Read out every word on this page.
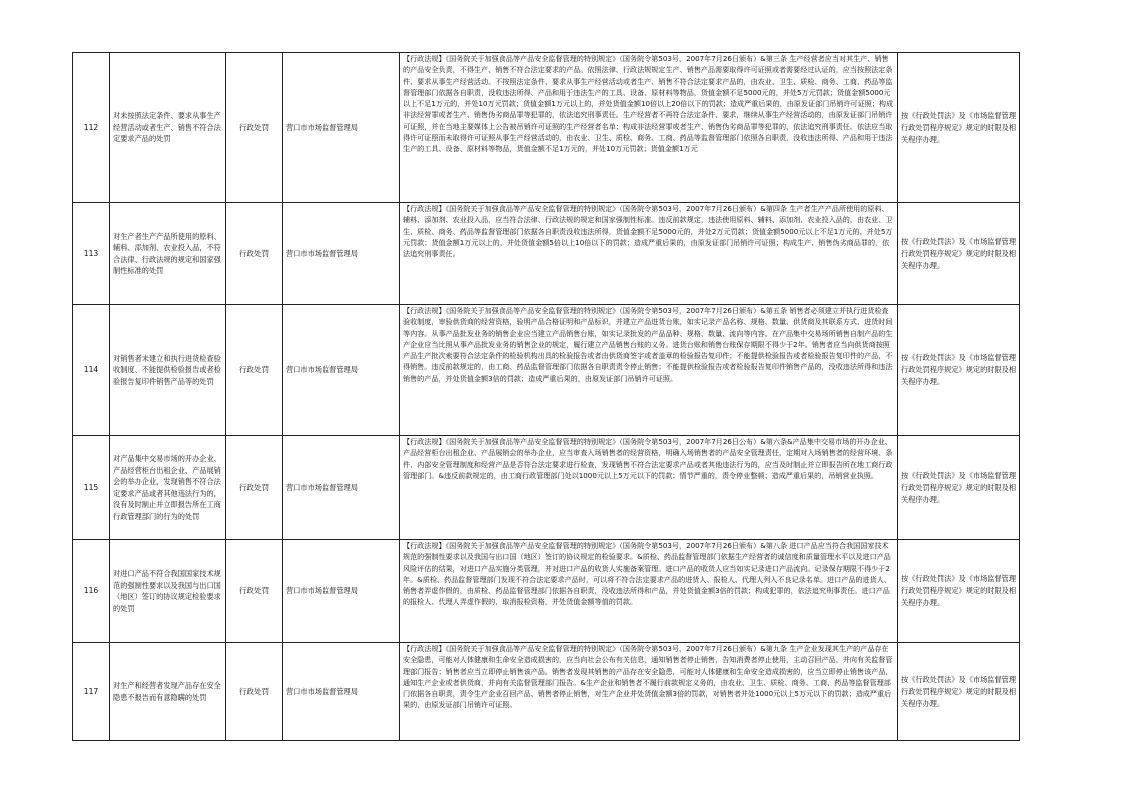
112	对未按照法定条件、要求从事生产经营活动或者生产、销售不符合法定要求产品的处罚	行政处罚	营口市市场监督管理局	【行政法规】《国务院关于加强食品等产品安全监督管理的特别规定》（国务院令第503号，2007年7月26日颁布）&第三条 生产经营者应当对其生产、销售的产品安全负责，不得生产、销售不符合法定要求的产品。依照法律、行政法规规定生产、销售产品需要取得许可证照或者需要经过认证的，应当按照法定条件、要求从事生产经营活动。不按照法定条件、要求从事生产经营活动或者生产、销售不符合法定要求产品的，由农业、卫生、质检、商务、工商、药品等监督管理部门依据各自职责，没收违法所得、产品和用于违法生产的工具、设备、原材料等物品，货值金额不足5000元的，并处5万元罚款；货值金额5000元以上不足1万元的，并处10万元罚款；货值金额1万元以上的，并处货值金额10倍以上20倍以下的罚款；造成严重后果的，由原发证部门吊销许可证照；构成非法经营罪或者生产、销售伪劣商品罪等犯罪的，依法追究刑事责任。生产经营者不再符合法定条件、要求，继续从事生产经营活动的，由原发证部门吊销许可证照，并在当地主要媒体上公告被吊销许可证照的生产经营者名单；构成非法经营罪或者生产、销售伪劣商品罪等犯罪的，依法追究刑事责任。依法应当取得许可证照而未取得许可证照从事生产经营活动的，由农业、卫生、质检、商务、工商、药品等监督管理部门依照各自职责，没收违法所得、产品和用于违法生产的工具、设备、原材料等物品，货值金额不足1万元的，并处10万元罚款；货值金额1万元	按《行政处罚法》及《市场监督管理行政处罚程序规定》规定的时限及相关程序办理。
113	对生产者生产产品所使用的原料、辅料、添加剂、农业投入品，不符合法律、行政法规的规定和国家强制性标准的处罚	行政处罚	营口市市场监督管理局	【行政法规】《国务院关于加强食品等产品安全监督管理的特别规定》（国务院令第503号，2007年7月26日颁布）&第四条 生产者生产产品所使用的原料、辅料、添加剂、农业投入品，应当符合法律、行政法规的规定和国家强制性标准。违反前款规定，违法使用原料、辅料、添加剂、农业投入品的，由农业、卫生、质检、商务、药品等监督管理部门依据各自职责没收违法所得，货值金额不足5000元的，并处2万元罚款；货值金额5000元以上不足1万元的，并处5万元罚款；货值金额1万元以上的，并处货值金额5倍以上10倍以下的罚款；造成严重后果的，由原发证部门吊销许可证照；构成生产、销售伪劣商品罪的，依法追究刑事责任。	按《行政处罚法》及《市场监督管理行政处罚程序规定》规定的时限及相关程序办理。
114	对销售者未建立和执行进货检查验收制度、不能提供检验报告或者检验报告复印件销售产品等的处罚	行政处罚	营口市市场监督管理局	【行政法规】《国务院关于加强食品等产品安全监督管理的特别规定》（国务院令第503号，2007年7月26日颁布）&第五条 销售者必须建立并执行进货检查验收制度，审验供货商的经营资格，验明产品合格证明和产品标识，并建立产品进货台账，如实记录产品名称、规格、数量、供货商及其联系方式、进货时间等内容。从事产品批发业务的销售企业应当建立产品销售台账，如实记录批发的产品品种、规格、数量、流向等内容。在产品集中交易场所销售自制产品的生产企业应当比照从事产品批发业务的销售企业的规定，履行建立产品销售台账的义务。进货台账和销售台账保存期限不得少于2年。销售者应当向供货商按照产品生产批次索要符合法定条件的检验机构出具的检验报告或者由供货商签字或者盖章的检验报告复印件；不能提供检验报告或者检验报告复印件的产品，不得销售。违反前款规定的，由工商、药品监督管理部门依据各自职责责令停止销售；不能提供检验报告或者检验报告复印件销售产品的，没收违法所得和违法销售的产品，并处货值金额3倍的罚款；造成严重后果的，由原发证部门吊销许可证照。	按《行政处罚法》及《市场监督管理行政处罚程序规定》规定的时限及相关程序办理。
115	对产品集中交易市场的开办企业、产品经营柜台出租企业、产品展销会的举办企业，发现销售不符合法定要求产品或者其他违法行为的，没有及时制止并立即报告所在工商行政管理部门的行为的处罚	行政处罚	营口市市场监督管理局	【行政法规】《国务院关于加强食品等产品安全监督管理的特别规定》（国务院令第503号，2007年7月26日公布）&第六条&产品集中交易市场的开办企业、产品经营柜台出租企业、产品展销会的举办企业，应当审查入场销售者的经营资格，明确入场销售者的产品安全管理责任，定期对入场销售者的经营环境、条件、内部安全管理制度和经营产品是否符合法定要求进行检查，发现销售不符合法定要求产品或者其他违法行为的，应当及时制止并立即报告所在地工商行政管理部门。&违反前款规定的，由工商行政管理部门处以1000元以上5万元以下的罚款；情节严重的，责令停业整顿；造成严重后果的，吊销营业执照。	按《行政处罚法》及《市场监督管理行政处罚程序规定》规定的时限及相关程序办理。
116	对进口产品不符合我国国家技术规范的强制性要求以及我国与出口国（地区）签订的协议规定检验要求的处罚	行政处罚	营口市市场监督管理局	【行政法规】《国务院关于加强食品等产品安全监督管理的特别规定》（国务院令第503号，2007年7月26日颁布）&第八条 进口产品应当符合我国国家技术规范的强制性要求以及我国与出口国（地区）签订的协议规定的检验要求。&质检、药品监督管理部门依据生产经营者的诚信度和质量管理水平以及进口产品风险评估的结果，对进口产品实施分类管理，并对进口产品的收货人实施备案管理。进口产品的收货人应当如实记录进口产品流向。记录保存期限不得少于2年。&质检、药品监督管理部门发现不符合法定要求产品时，可以将不符合法定要求产品的进货人、报检人、代理人列入不良记录名单。进口产品的进货人、销售者弄虚作假的，由质检、药品监督管理部门依据各自职责，没收违法所得和产品，并处货值金额3倍的罚款；构成犯罪的，依法追究刑事责任。进口产品的报检人、代理人弄虚作假的，取消报检资格，并处货值金额等值的罚款。	按《行政处罚法》及《市场监督管理行政处罚程序规定》规定的时限及相关程序办理。
117	对生产和经营者发现产品存在安全隐患不报告而有意隐瞒的处罚	行政处罚	营口市市场监督管理局	【行政法规】《国务院关于加强食品等产品安全监督管理的特别规定》（国务院令第503号，2007年7月26日颁布）&第九条 生产企业发现其生产的产品存在安全隐患，可能对人体健康和生命安全造成损害的，应当向社会公布有关信息，通知销售者停止销售，告知消费者停止使用，主动召回产品，并向有关监督管理部门报告；销售者应当立即停止销售该产品。销售者发现其销售的产品存在安全隐患，可能对人体健康和生命安全造成损害的，应当立即停止销售该产品，通知生产企业或者供货商，并向有关监督管理部门报告。&生产企业和销售者不履行前款规定义务的，由农业、卫生、质检、商务、工商、药品等监督管理部门依据各自职责，责令生产企业召回产品、销售者停止销售，对生产企业并处货值金额3倍的罚款，对销售者并处1000元以上5万元以下的罚款；造成严重后果的，由原发证部门吊销许可证照。	按《行政处罚法》及《市场监督管理行政处罚程序规定》规定的时限及相关程序办理。
